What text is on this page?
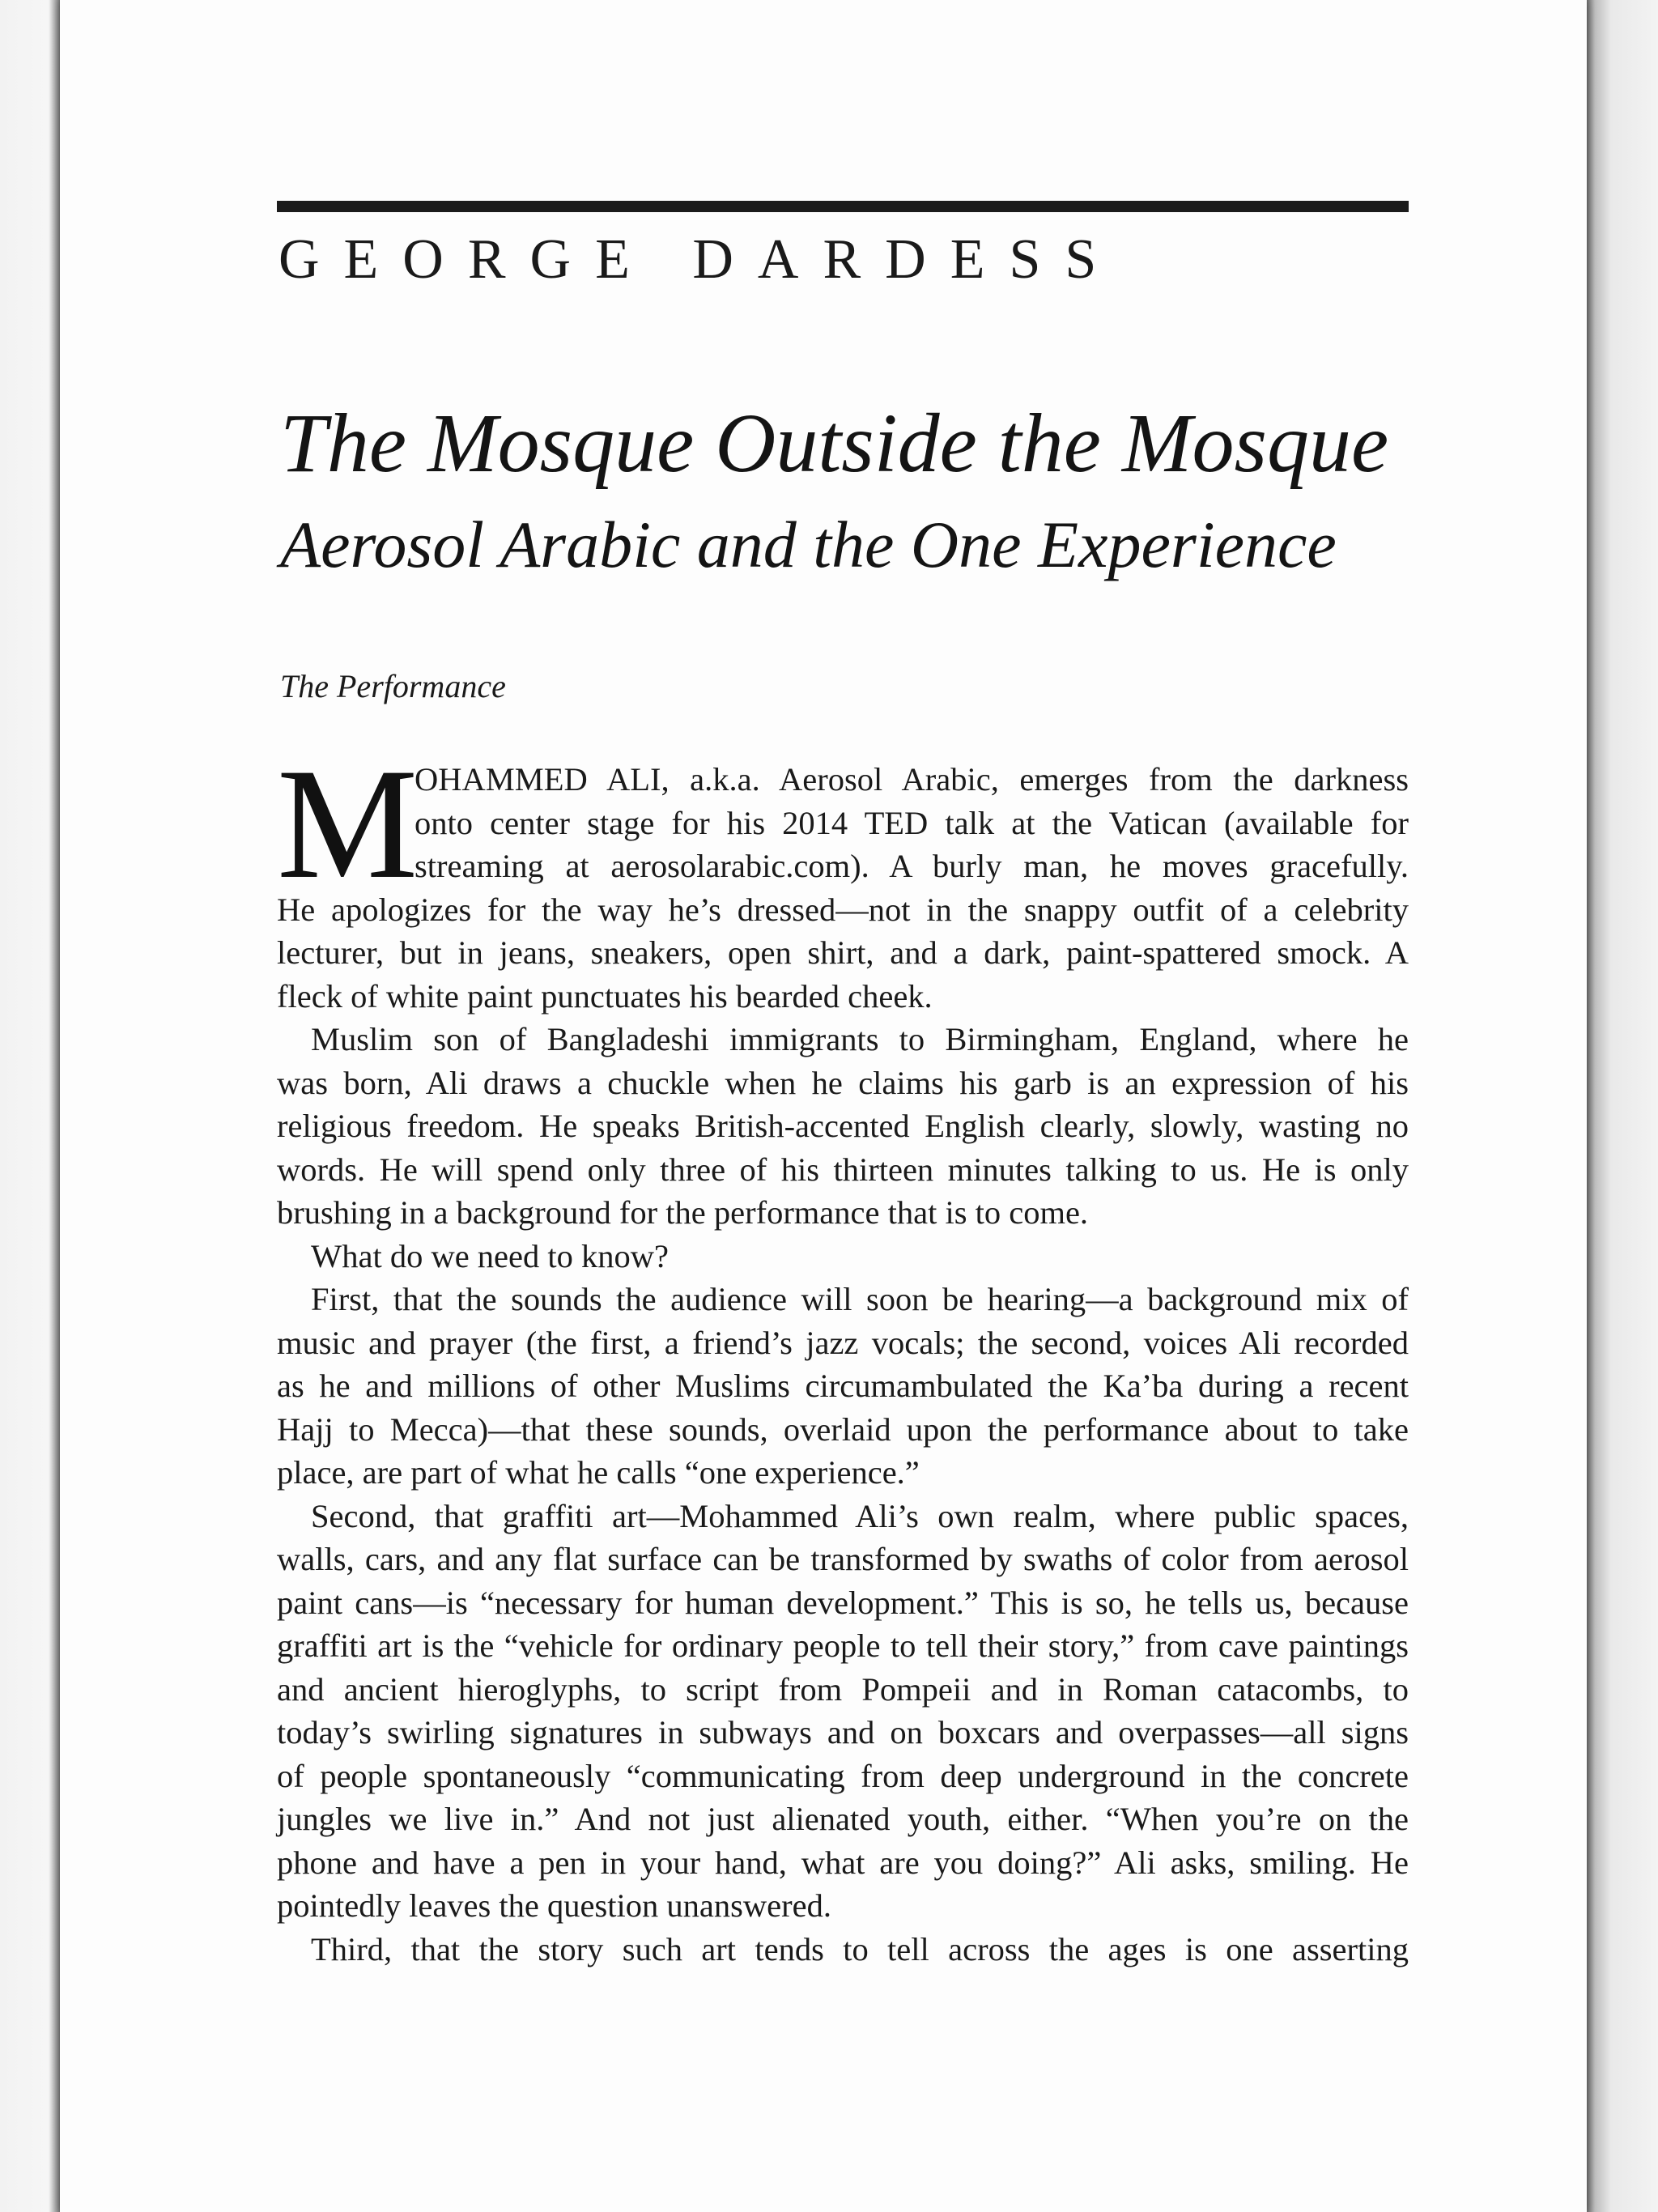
GEORGE DARDESS
The Mosque Outside the Mosque
Aerosol Arabic and the One Experience
The Performance
M
OHAMMED ALI, a.k.a. Aerosol Arabic, emerges from the darkness
onto center stage for his 2014 TED talk at the Vatican (available for
streaming at aerosolarabic.com). A burly man, he moves gracefully.
He apologizes for the way he’s dressed—not in the snappy outfit of a celebrity
lecturer, but in jeans, sneakers, open shirt, and a dark, paint-spattered smock. A
fleck of white paint punctuates his bearded cheek.
Muslim son of Bangladeshi immigrants to Birmingham, England, where he
was born, Ali draws a chuckle when he claims his garb is an expression of his
religious freedom. He speaks British-accented English clearly, slowly, wasting no
words. He will spend only three of his thirteen minutes talking to us. He is only
brushing in a background for the performance that is to come.
What do we need to know?
First, that the sounds the audience will soon be hearing—a background mix of
music and prayer (the first, a friend’s jazz vocals; the second, voices Ali recorded
as he and millions of other Muslims circumambulated the Ka’ba during a recent
Hajj to Mecca)—that these sounds, overlaid upon the performance about to take
place, are part of what he calls “one experience.”
Second, that graffiti art—Mohammed Ali’s own realm, where public spaces,
walls, cars, and any flat surface can be transformed by swaths of color from aerosol
paint cans—is “necessary for human development.” This is so, he tells us, because
graffiti art is the “vehicle for ordinary people to tell their story,” from cave paintings
and ancient hieroglyphs, to script from Pompeii and in Roman catacombs, to
today’s swirling signatures in subways and on boxcars and overpasses—all signs
of people spontaneously “communicating from deep underground in the concrete
jungles we live in.” And not just alienated youth, either. “When you’re on the
phone and have a pen in your hand, what are you doing?” Ali asks, smiling. He
pointedly leaves the question unanswered.
Third, that the story such art tends to tell across the ages is one asserting
